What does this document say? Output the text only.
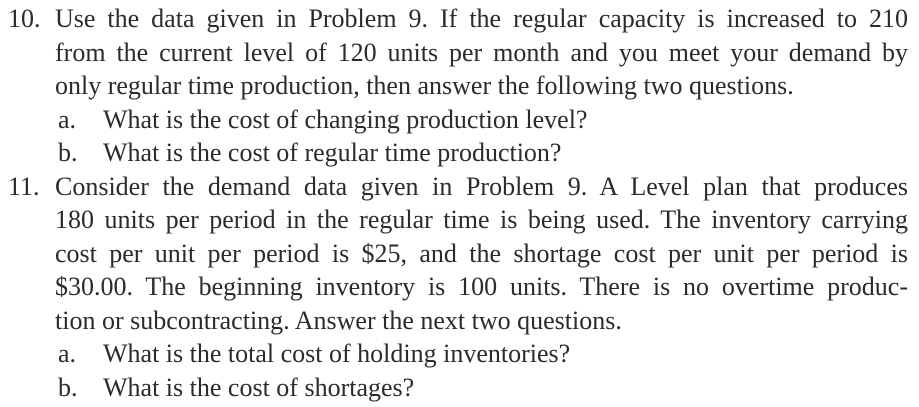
10. Use the data given in Problem 9. If the regular capacity is increased to 210
from the current level of 120 units per month and you meet your demand by
only regular time production, then answer the following two questions.
a.	What is the cost of changing production level?
b. What is the cost of regular time production?
11. Consider the demand data given in Problem 9. A Level plan that produces
180 units per period in the regular time is being used. The inventory carrying
cost per unit per period is $25, and the shortage cost per unit per period is
$30.00. The beginning inventory is 100 units. There is no overtime produc-
tion or subcontracting. Answer the next two questions.
a.	What is the total cost of holding inventories?
b. What is the cost of shortages?
